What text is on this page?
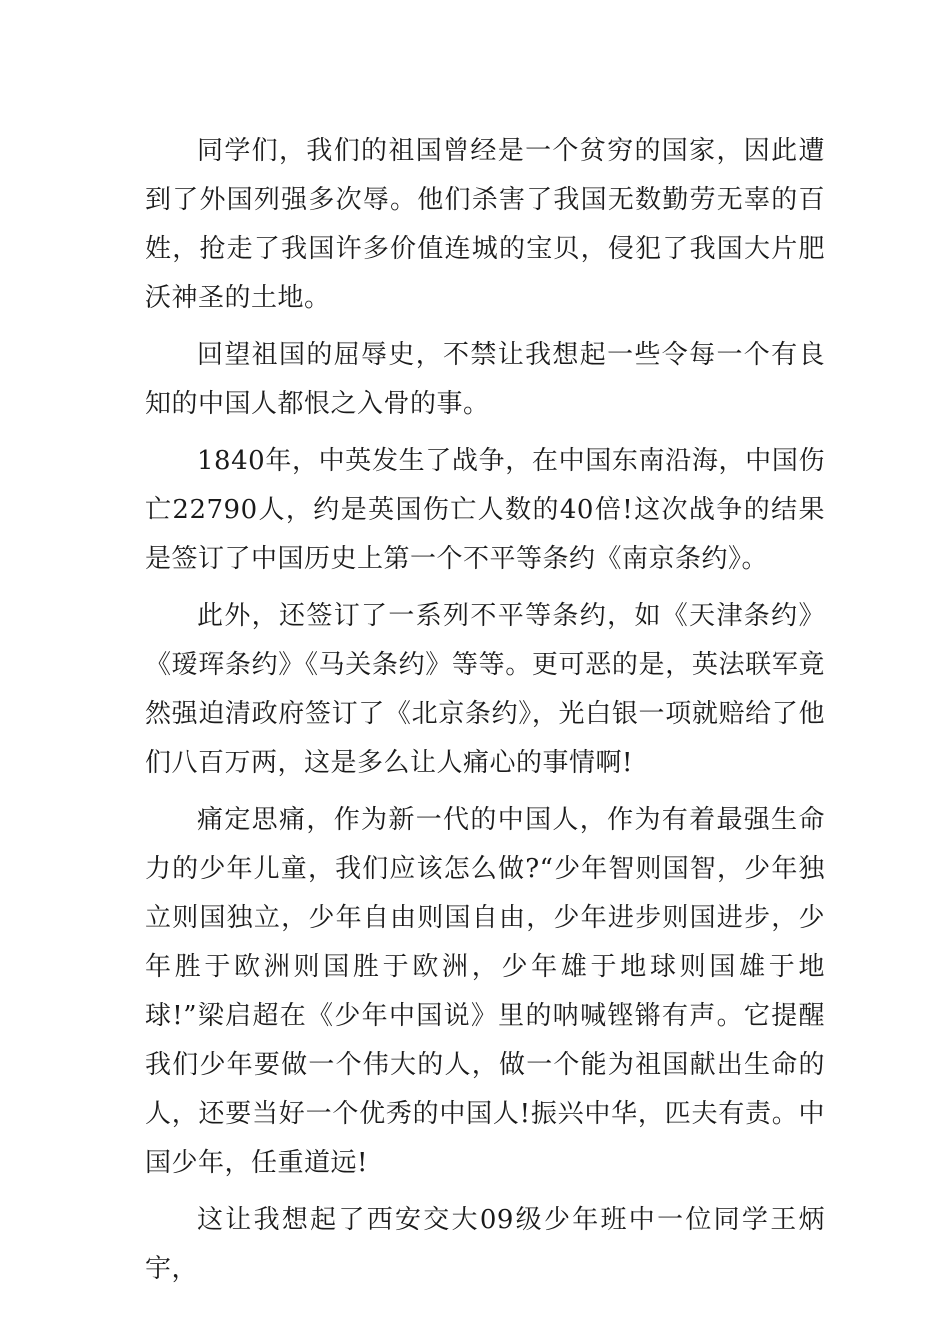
同学们，我们的祖国曾经是一个贫穷的国家，因此遭到了外国列强多次辱。他们杀害了我国无数勤劳无辜的百姓，抢走了我国许多价值连城的宝贝，侵犯了我国大片肥沃神圣的土地。

回望祖国的屈辱史，不禁让我想起一些令每一个有良知的中国人都恨之入骨的事。

1840年，中英发生了战争，在中国东南沿海，中国伤亡22790人，约是英国伤亡人数的40倍!这次战争的结果是签订了中国历史上第一个不平等条约《南京条约》。

此外，还签订了一系列不平等条约，如《天津条约》《瑷珲条约》《马关条约》等等。更可恶的是，英法联军竟然强迫清政府签订了《北京条约》，光白银一项就赔给了他们八百万两，这是多么让人痛心的事情啊!

痛定思痛，作为新一代的中国人，作为有着最强生命力的少年儿童，我们应该怎么做?“少年智则国智，少年独立则国独立，少年自由则国自由，少年进步则国进步，少年胜于欧洲则国胜于欧洲，少年雄于地球则国雄于地球!”梁启超在《少年中国说》里的呐喊铿锵有声。它提醒我们少年要做一个伟大的人，做一个能为祖国献出生命的人，还要当好一个优秀的中国人!振兴中华，匹夫有责。中国少年，任重道远!

这让我想起了西安交大09级少年班中一位同学王炳宇，
